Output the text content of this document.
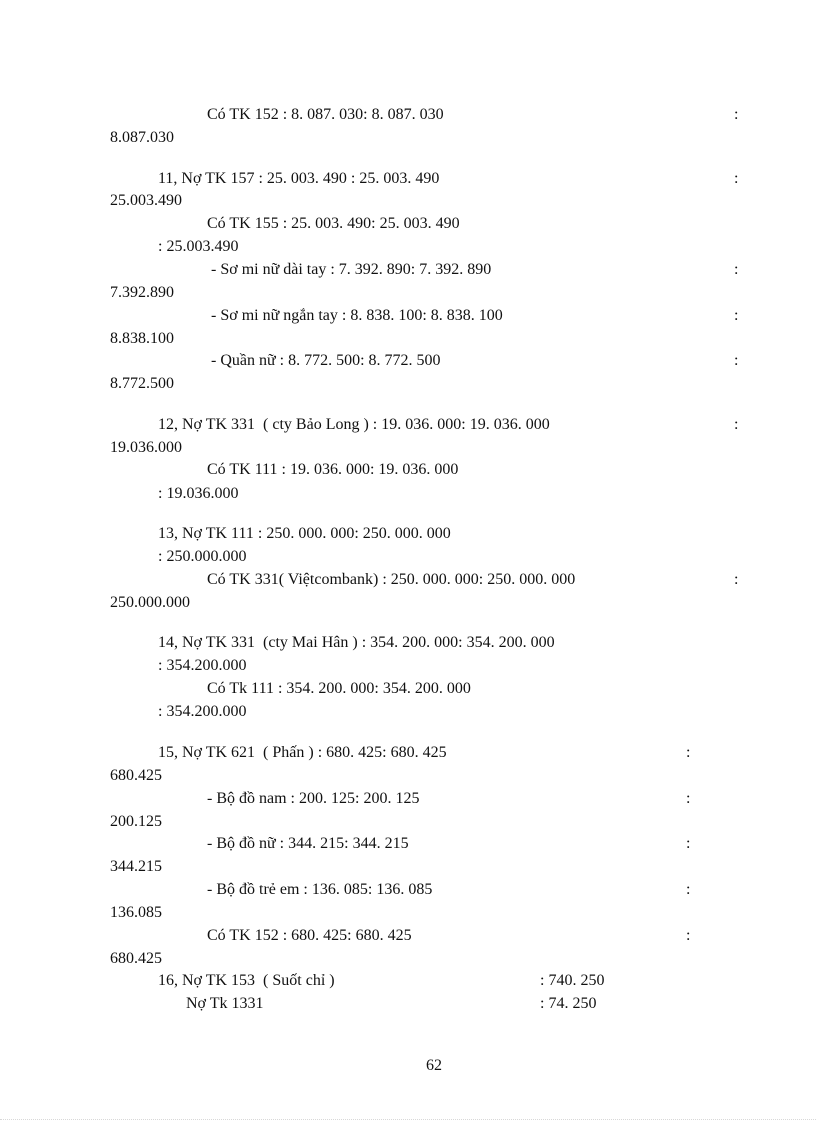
Có TK 152 : 8. 087. 030: 8. 087. 030	:
8.087.030
11, Nợ TK 157 : 25. 003. 490 : 25. 003. 490	:
25.003.490
Có TK 155 : 25. 003. 490: 25. 003. 490
: 25.003.490
- Sơ mi nữ dài tay : 7. 392. 890: 7. 392. 890	:
7.392.890
- Sơ mi nữ ngắn tay : 8. 838. 100: 8. 838. 100	:
8.838.100
- Quần nữ : 8. 772. 500: 8. 772. 500	:
8.772.500
12, Nợ TK 331  ( cty Bảo Long ) : 19. 036. 000: 19. 036. 000	:
19.036.000
Có TK 111 : 19. 036. 000: 19. 036. 000
: 19.036.000
13, Nợ TK 111 : 250. 000. 000: 250. 000. 000
: 250.000.000
Có TK 331( Việtcombank) : 250. 000. 000: 250. 000. 000	:
250.000.000
14, Nợ TK 331  (cty Mai Hân ) : 354. 200. 000: 354. 200. 000
: 354.200.000
Có Tk 111 : 354. 200. 000: 354. 200. 000
: 354.200.000
15, Nợ TK 621  ( Phấn ) : 680. 425: 680. 425	:
680.425
- Bộ đồ nam : 200. 125: 200. 125	:
200.125
- Bộ đồ nữ : 344. 215: 344. 215	:
344.215
- Bộ đồ trẻ em : 136. 085: 136. 085	:
136.085
Có TK 152 : 680. 425: 680. 425	:
680.425
16, Nợ TK 153  ( Suốt chỉ )	: 740. 250
Nợ Tk 1331	: 74. 250
62
